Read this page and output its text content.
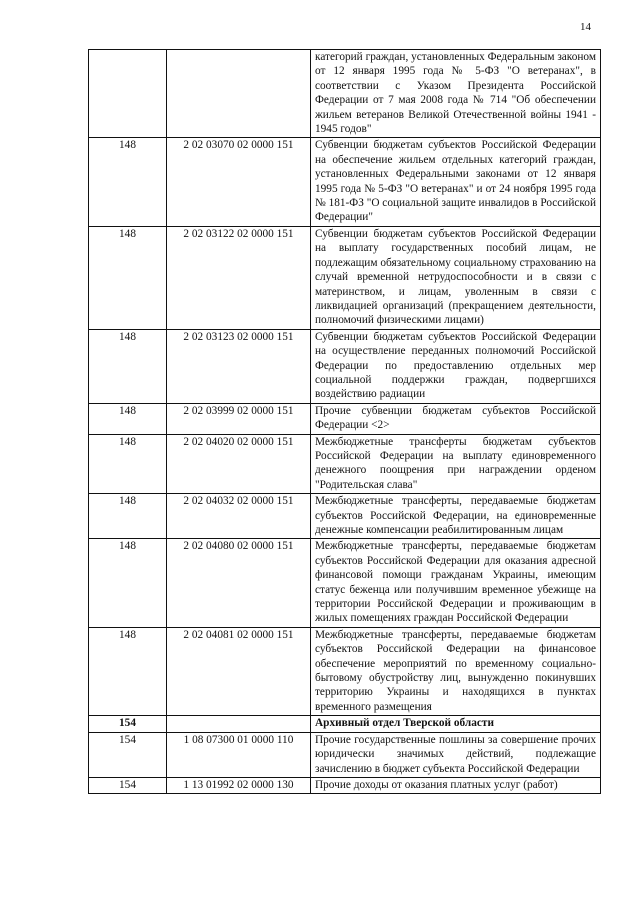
14
		категорий граждан, установленных Федеральным законом от 12 января 1995 года № 5-ФЗ "О ветеранах", в соответствии с Указом Президента Российской Федерации от 7 мая 2008 года № 714 "Об обеспечении жильем ветеранов Великой Отечественной войны 1941 - 1945 годов"
148	2 02 03070 02 0000 151	Субвенции бюджетам субъектов Российской Федерации на обеспечение жильем отдельных категорий граждан, установленных Федеральными законами от 12 января 1995 года № 5-ФЗ "О ветеранах" и от 24 ноября 1995 года № 181-ФЗ "О социальной защите инвалидов в Российской Федерации"
148	2 02 03122 02 0000 151	Субвенции бюджетам субъектов Российской Федерации на выплату государственных пособий лицам, не подлежащим обязательному социальному страхованию на случай временной нетрудоспособности и в связи с материнством, и лицам, уволенным в связи с ликвидацией организаций (прекращением деятельности, полномочий физическими лицами)
148	2 02 03123 02 0000 151	Субвенции бюджетам субъектов Российской Федерации на осуществление переданных полномочий Российской Федерации по предоставлению отдельных мер социальной поддержки граждан, подвергшихся воздействию радиации
148	2 02 03999 02 0000 151	Прочие субвенции бюджетам субъектов Российской Федерации <2>
148	2 02 04020 02 0000 151	Межбюджетные трансферты бюджетам субъектов Российской Федерации на выплату единовременного денежного поощрения при награждении орденом "Родительская слава"
148	2 02 04032 02 0000 151	Межбюджетные трансферты, передаваемые бюджетам субъектов Российской Федерации, на единовременные денежные компенсации реабилитированным лицам
148	2 02 04080 02 0000 151	Межбюджетные трансферты, передаваемые бюджетам субъектов Российской Федерации для оказания адресной финансовой помощи гражданам Украины, имеющим статус беженца или получившим временное убежище на территории Российской Федерации и проживающим в жилых помещениях граждан Российской Федерации
148	2 02 04081 02 0000 151	Межбюджетные трансферты, передаваемые бюджетам субъектов Российской Федерации на финансовое обеспечение мероприятий по временному социально-бытовому обустройству лиц, вынужденно покинувших территорию Украины и находящихся в пунктах временного размещения
154		Архивный отдел Тверской области
154	1 08 07300 01 0000 110	Прочие государственные пошлины за совершение прочих юридически значимых действий, подлежащие зачислению в бюджет субъекта Российской Федерации
154	1 13 01992 02 0000 130	Прочие доходы от оказания платных услуг (работ)
